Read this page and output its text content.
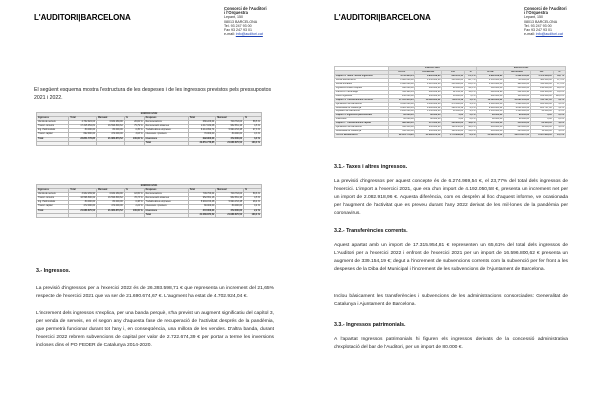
L'AUDITORI|BARCELONA
Consorci de l'Auditori
i l'Orquestra
Lepant, 150
08013 BARCELONA
Tel. 93 247 93 00
Fax 93 247 93 01
e-mail: info@auditori.cat
El següent esquema mostra l'estructura de les despeses i de les ingressos previstos pels pressupostos 2021 i 2022.
EXERCICI 2022							
Ingressos	Total	Mensual	%	Despeses	Total	Mensual	%
Venda de serveis	4.762.924,04	3.932.269,90	20,84 %	Remuneracions	680.223,04	709.763,04	58,5 %
Transf. corrents	17.315.954,81	16.596.800,62	75,79 %	Remuneració sistemes	1.017.032,08	952.651,16	4,5 %
Ing. Patrimonials	80.000,00	80.000,00	0,35 %	Treballs altres empreses	6.214.092,74	5.994.153,48	27,3 %
Transf. capital	692.900,00	472.000,00	3,03 %	Interessos i préstecs	70.000,00	80.000,00	0,3 %
Total	22.851.778,85	21.080.870,52	100,00 %	Inversions	692.900,00	472.000,00	3,0 %
				Total	22.851.778,85	21.080.870,52	100,0 %
EXERCICI 2021							
Ingressos	Total	Mensual	%	Despeses	Total	Mensual	%
Venda de serveis	3.932.269,90	3.932.269,90	18,65 %	Remuneracions	709.763,04	709.763,04	59,6 %
Transf. corrents	16.596.800,62	16.596.800,62	78,73 %	Remuneració sistemes	952.651,16	952.651,16	4,5 %
Ing. Patrimonials	80.000,00	80.000,00	0,38 %	Treballs altres empreses	5.994.153,48	5.994.153,48	28,4 %
Transf. capital	472.000,00	472.000,00	2,24 %	Interessos i préstecs	80.000,00	80.000,00	0,4 %
Total	21.080.870,52	21.080.870,52	100,00 %	Inversions	472.000,00	472.000,00	2,2 %
				Total	21.080.870,52	21.080.870,52	100,0 %
3.- Ingressos.
La previsió d'ingressos per a l'exercici 2022 és de 26.393.598,71 € que representa un increment del 21,65% respecte de l'exercici 2021 que va ser de 21.690.674,67 €. L'augment ha estat de 4.702.924,04 €.
L'increment dels ingressos s'explica, per una banda perquè, s'ha previst un augment significatiu del capítol 3, per venda de serveis, en el segon any d'aquesta fase de recuperació de l'activitat després de la pandèmia, que permetrà funcionar durant tot l'any i, en conseqüència, una millora de les vendes. D'altra banda, durant l'exercici 2022 rebrem subvencions de capital per valor de 2.722.674,39 € per portar a terme les inversions incloses dins el PO FEDER de Catalunya 2014-2020.
L'AUDITORI|BARCELONA
Consorci de l'Auditori
i l'Orquestra
Lepant, 150
08013 BARCELONA
Tel. 93 247 93 00
Fax 93 247 93 01
e-mail: info@auditori.cat
	Exercici 2022				Exercici 2021			
	TOTAL	ANTERIOR	CH.	%	TOTAL	ANTERIOR	CH.	%
Capítol 3. Taxes i altres ingressos	4.762.924,04	3.932.269,90	830.654,14	21,1 %	3.932.269,90	2.462.003,90	1.470.266,00	59,7 %
Venda abonaments	1.480.000,00	1.150.000,00	330.000,00	28,7 %	1.150.000,00	730.000,00	420.000,00	57,5 %
Venda entrades	1.860.000,00	1.510.000,00	350.000,00	23,2 %	1.510.000,00	960.000,00	550.000,00	57,3 %
Ingressos cessió d'espais	640.000,00	560.000,00	80.000,00	14,3 %	560.000,00	350.000,00	210.000,00	60,0 %
Patrocini i mecenatge	532.924,04	480.269,90	52.654,14	11,0 %	480.269,90	312.003,90	168.266,00	53,9 %
Altres ingressos	250.000,00	232.000,00	18.000,00	7,8 %	232.000,00	110.000,00	122.000,00	110,9 %
Capítol 4. Transferències corrents	17.315.954,81	16.596.800,62	719.154,19	4,3 %	16.596.800,62	16.081.003,62	515.797,00	3,2 %
Ajuntament de Barcelona	6.430.000,00	6.160.000,00	270.000,00	4,4 %	6.160.000,00	5.980.000,00	180.000,00	3,0 %
Generalitat de Catalunya	9.685.954,81	9.286.800,62	399.154,19	4,3 %	9.286.800,62	9.001.003,62	285.797,00	3,2 %
Diputació de Barcelona	1.200.000,00	1.150.000,00	50.000,00	4,3 %	1.150.000,00	1.100.000,00	50.000,00	4,5 %
Capítol 5. Ingressos patrimonials	80.000,00	80.000,00	0,00	0,0 %	80.000,00	80.000,00	0,00	0,0 %
Interessos	80.000,00	80.000,00	0,00	0,0 %	80.000,00	80.000,00	0,00	0,0 %
Capítol 7. Transferències capital	692.900,00	472.000,00	220.900,00	46,8 %	472.000,00	450.000,00	22.000,00	4,9 %
Ajuntament de Barcelona	336.450,00	236.000,00	100.450,00	42,6 %	236.000,00	225.000,00	11.000,00	4,9 %
Generalitat de Catalunya	356.450,00	236.000,00	120.450,00	51,0 %	236.000,00	225.000,00	11.000,00	4,9 %
TOTAL INGRESSOS	22.851.778,85	21.080.870,52	1.770.908,33	8,4 %	21.080.870,52	19.073.007,52	2.007.863,00	10,5 %
3.1.- Taxes i altres ingressos.
La previsió d'ingressos per aquest concepte és de 6.274.969,54 €, el 23,77% del total dels ingressos de l'exercici. L'import a l'exercici 2021, que era d'un import de 4.192.050,58 €, presenta un increment net per un import de 2.082.918,96 €. Aquesta diferència, com es desprèn al lloc d'aquest informe, ve ocasionada per l'augment de l'activitat que es preveu durant l'any 2022 derivat de les mil·lones de la pandèmia per coronavirus.
3.2.- Transferències corrents.
Aquest apartat amb un import de 17.315.954,81 € representen un 65,61% del total dels ingressos de L'Auditori per a l'exercici 2022 i enfront de l'exercici 2021 per un import de 16.596.800,62 € presenta un augment de 339.154,19 €; degut a l'increment de subvencions corrents com la subvenció per fer front a les despeses de la Diba del Municipal i l'increment de les subvencions de l'Ajuntament de Barcelona.
Inclou bàsicament les transferències i subvencions de les administracions consorciades: Generalitat de Catalunya i Ajuntament de Barcelona.
3.3.- Ingressos patrimonials.
A l'apartat Ingressos patrimonials hi figuren els ingressos derivats de la concessió administrativa d'explotació del bar de l'Auditori, per un import de 80.000 €.
